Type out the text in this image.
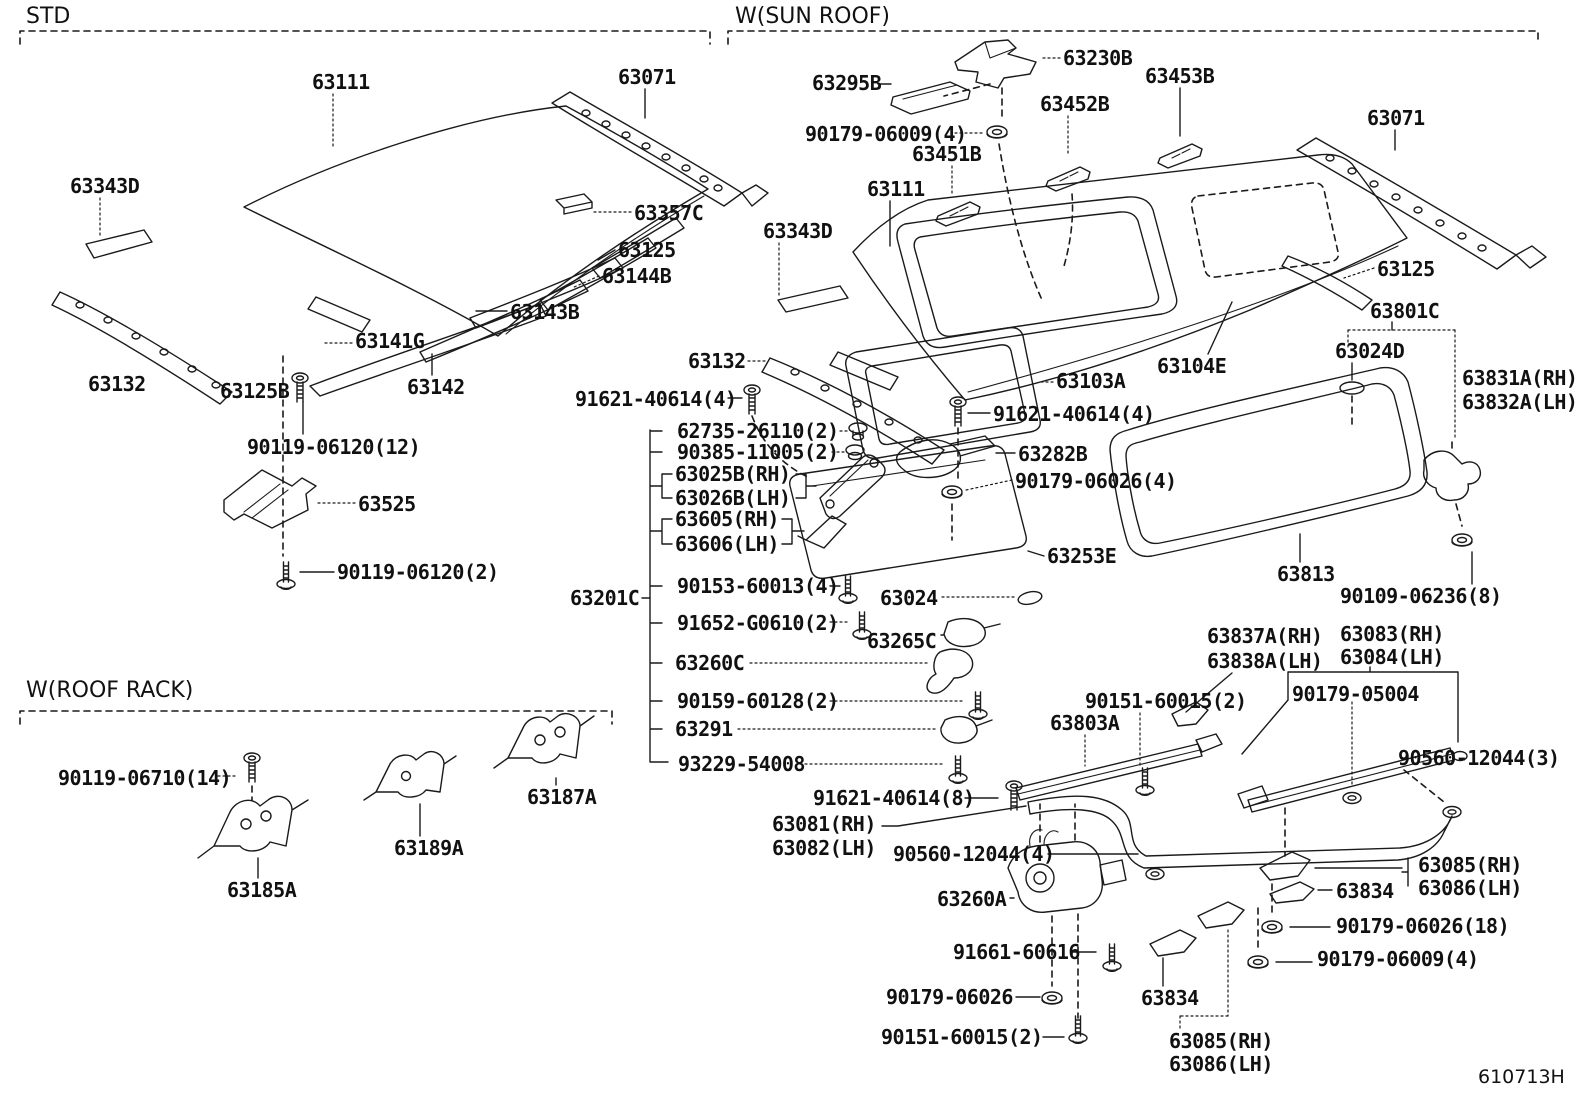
STD	W(SUN ROOF)
W(ROOF RACK)
63111	63071
63343D
63357C
63125
63144B
63143B
63141G
63132	63125B	63142
90119-06120(12)
63525
90119-06120(2)
90119-06710(14)
63187A
63189A
63185A
63230B
63295B	63453B
63452B
90179-06009(4)
63451B
63071
63111
63343D
63125
63801C
63024D
63132
63831A(RH)
63832A(LH)
91621-40614(4)
63103A
63104E
91621-40614(4)
62735-26110(2)
90385-11005(2)
63025B(RH)
63026B(LH)
63282B
90179-06026(4)
63605(RH)
63606(LH)	63253E
90153-60013(4)
63201C	63024
91652-G0610(2)
63265C
63260C
63813
90109-06236(8)
90159-60128(2)
63291
93229-54008
63837A(RH)
63838A(LH)
63083(RH)
63084(LH)
90151-60015(2) 90179-05004
63803A
90560-12044(3)
91621-40614(8)
63081(RH)
63082(LH) 90560-12044(4)
63260A
63085(RH)
63086(LH)
63834
90179-06026(18)
90179-06009(4)
91661-60616
90179-06026
90151-60015(2)
63834
63085(RH)
63086(LH)
610713H
